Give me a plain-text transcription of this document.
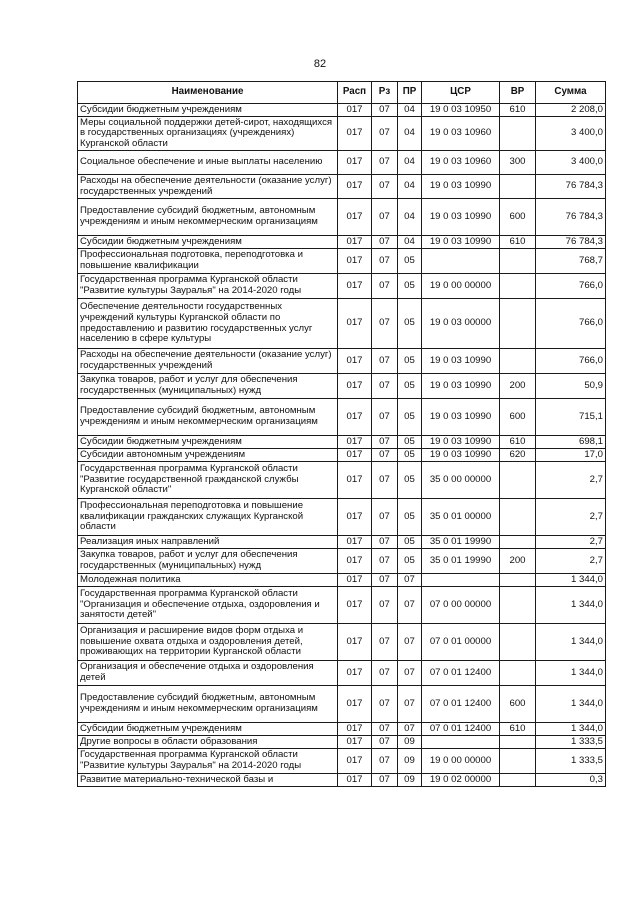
82
Наименование	Расп	Рз	ПР	ЦСР	ВР	Сумма
Субсидии бюджетным учреждениям	017	07	04	19 0 03 10950	610	2 208,0
Меры социальной поддержки детей-сирот, находящихся в государственных организациях (учреждениях) Курганской области	017	07	04	19 0 03 10960		3 400,0
Социальное обеспечение и иные выплаты населению	017	07	04	19 0 03 10960	300	3 400,0
Расходы на обеспечение деятельности (оказание услуг) государственных учреждений	017	07	04	19 0 03 10990		76 784,3
Предоставление субсидий бюджетным, автономным учреждениям и иным некоммерческим организациям	017	07	04	19 0 03 10990	600	76 784,3
Субсидии бюджетным учреждениям	017	07	04	19 0 03 10990	610	76 784,3
Профессиональная подготовка, переподготовка и повышение квалификации	017	07	05			768,7
Государственная программа Курганской области "Развитие культуры Зауралья" на 2014-2020 годы	017	07	05	19 0 00 00000		766,0
Обеспечение деятельности государственных учреждений культуры Курганской области по предоставлению и развитию государственных услуг населению в сфере культуры	017	07	05	19 0 03 00000		766,0
Расходы на обеспечение деятельности (оказание услуг) государственных учреждений	017	07	05	19 0 03 10990		766,0
Закупка товаров, работ и услуг для обеспечения государственных (муниципальных) нужд	017	07	05	19 0 03 10990	200	50,9
Предоставление субсидий бюджетным, автономным учреждениям и иным некоммерческим организациям	017	07	05	19 0 03 10990	600	715,1
Субсидии бюджетным учреждениям	017	07	05	19 0 03 10990	610	698,1
Субсидии автономным учреждениям	017	07	05	19 0 03 10990	620	17,0
Государственная программа Курганской области "Развитие государственной гражданской службы Курганской области"	017	07	05	35 0 00 00000		2,7
Профессиональная переподготовка и повышение квалификации гражданских служащих Курганской области	017	07	05	35 0 01 00000		2,7
Реализация иных направлений	017	07	05	35 0 01 19990		2,7
Закупка товаров, работ и услуг для обеспечения государственных (муниципальных) нужд	017	07	05	35 0 01 19990	200	2,7
Молодежная политика	017	07	07			1 344,0
Государственная программа Курганской области "Организация и обеспечение отдыха, оздоровления и занятости детей"	017	07	07	07 0 00 00000		1 344,0
Организация и расширение видов форм отдыха и повышение охвата отдыха и оздоровления детей, проживающих на территории Курганской области	017	07	07	07 0 01 00000		1 344,0
Организация и обеспечение отдыха и оздоровления детей	017	07	07	07 0 01 12400		1 344,0
Предоставление субсидий бюджетным, автономным учреждениям и иным некоммерческим организациям	017	07	07	07 0 01 12400	600	1 344,0
Субсидии бюджетным учреждениям	017	07	07	07 0 01 12400	610	1 344,0
Другие вопросы в области образования	017	07	09			1 333,5
Государственная программа Курганской области "Развитие культуры Зауралья" на 2014-2020 годы	017	07	09	19 0 00 00000		1 333,5
Развитие материально-технической базы и	017	07	09	19 0 02 00000		0,3
